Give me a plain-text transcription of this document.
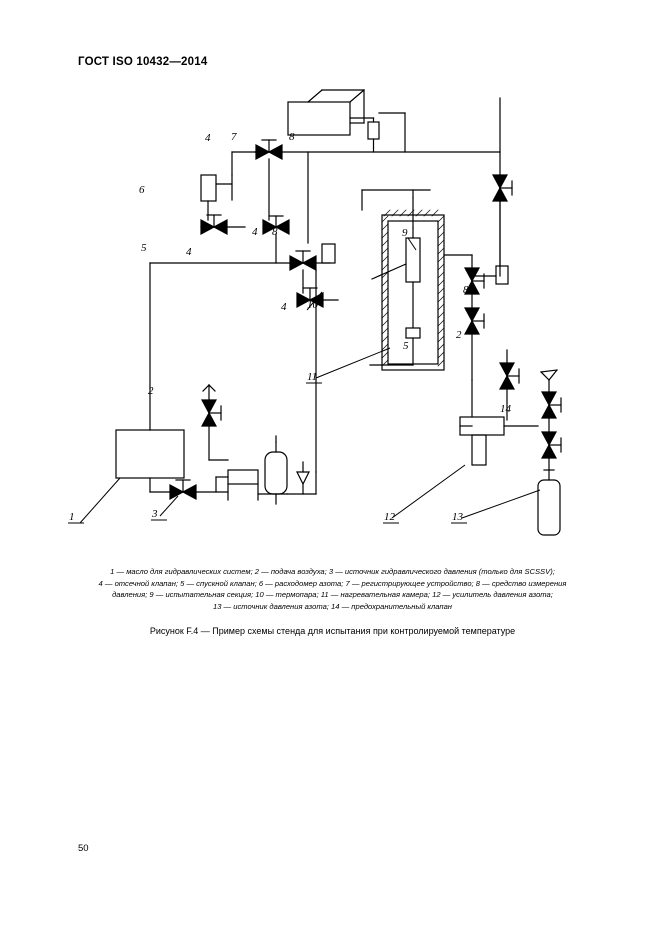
ГОСТ ISO 10432—2014
1
2
2
3
4
4
4
4
5
5
6
7	8
8
8
9
10
11
12	13
14
1 — масло для гидравлических систем; 2 — подача воздуха; 3 — источник гидравлического давления (только для SCSSV);
4 — отсечной клапан; 5 — спускной клапан; 6 — расходомер азота; 7 — регистрирующее устройство; 8 — средство измерения
давления; 9 — испытательная секция; 10 — термопара; 11 — нагревательная камера; 12 — усилитель давления азота;
13 — источник давления азота; 14 — предохранительный клапан
Рисунок F.4 — Пример схемы стенда для испытания при контролируемой температуре
50
